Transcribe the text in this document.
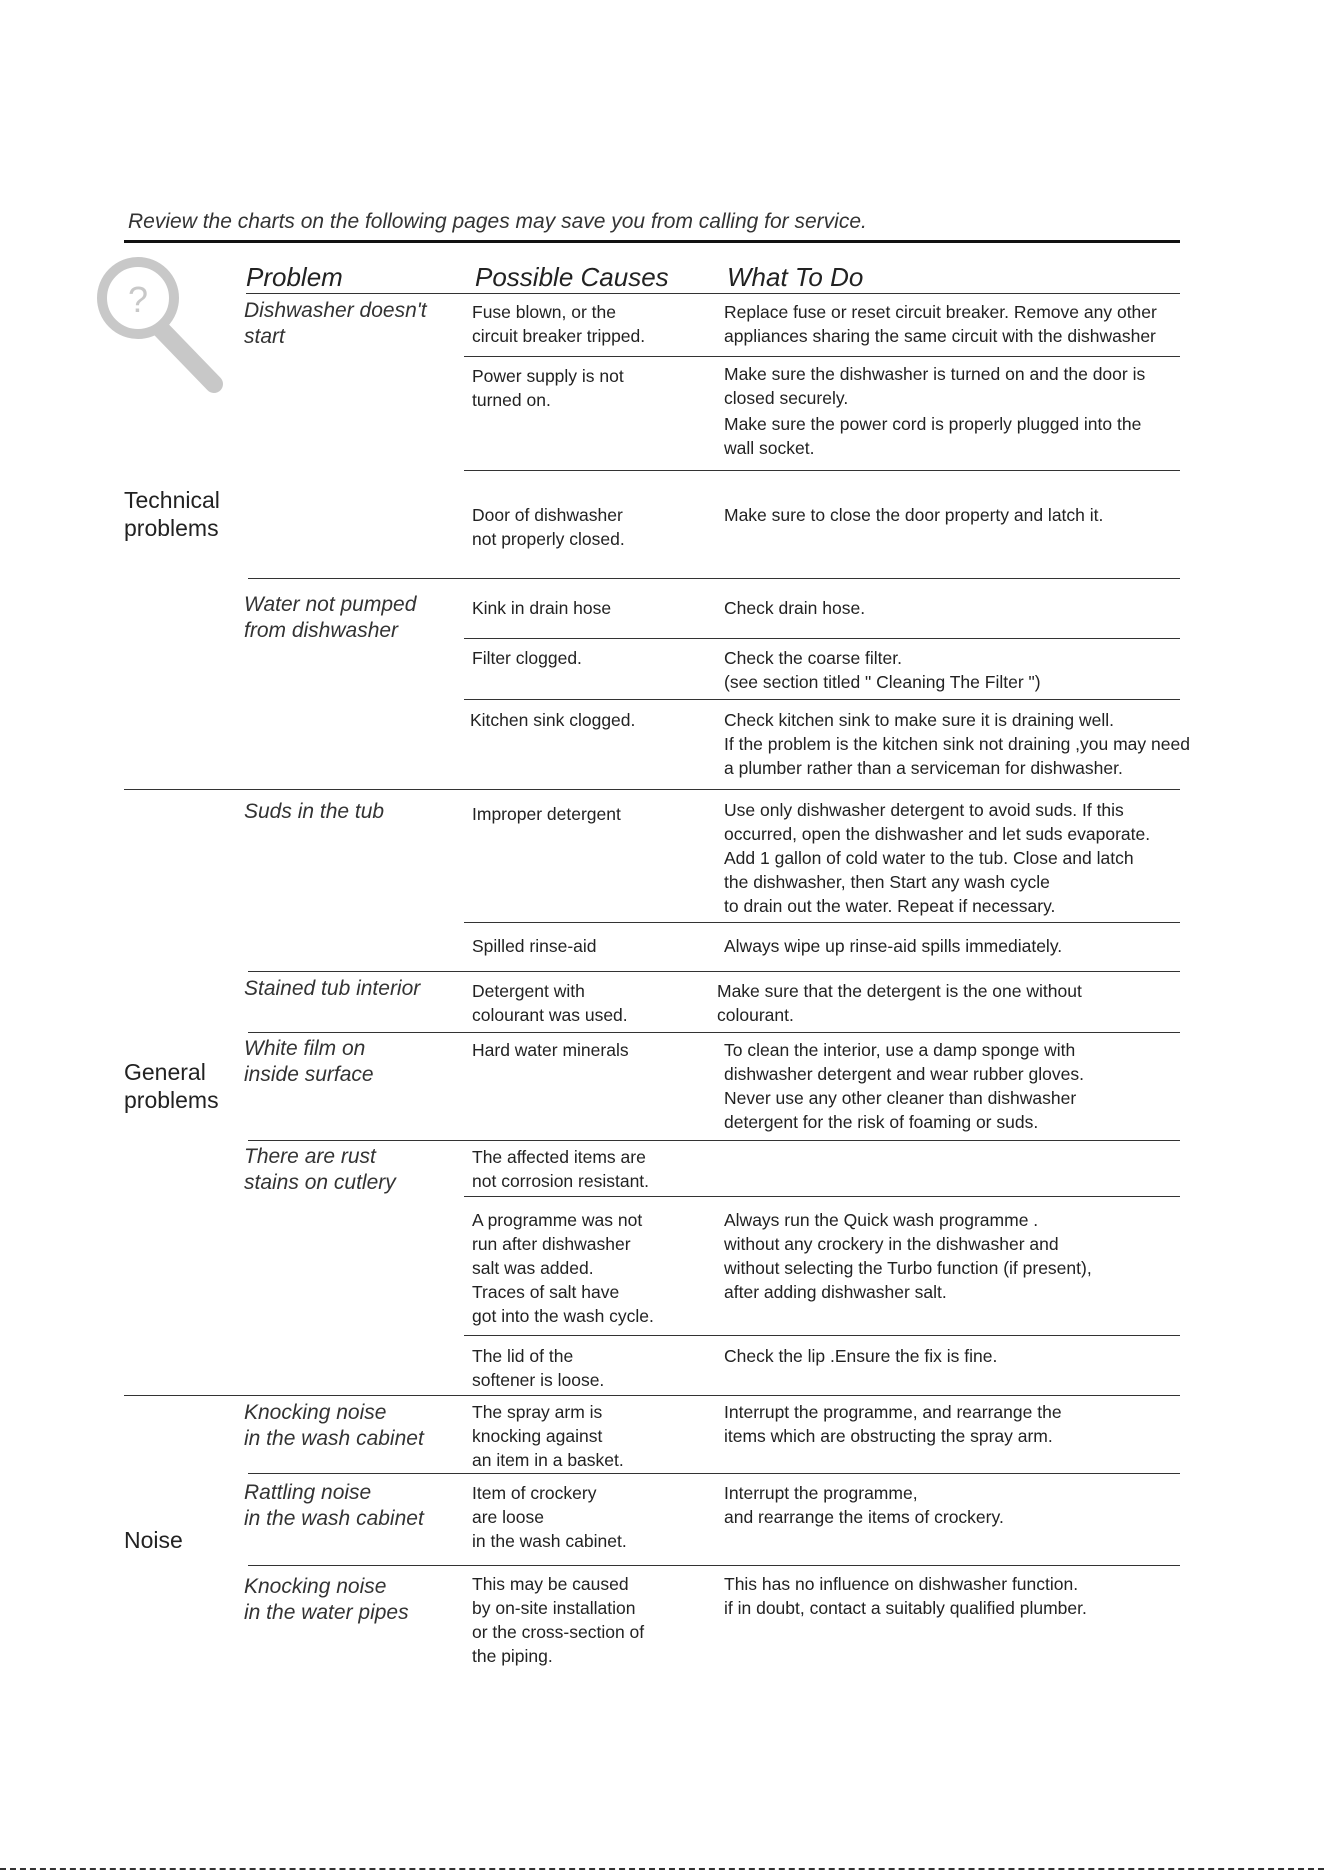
Review the charts on the following pages may save you from calling for service.
?
Problem	Possible Causes What To Do
Technical
problems
General
problems
Noise
Dishwasher doesn't
start
Water not pumped
from dishwasher
Suds in the tub
Stained tub interior
White film on
inside surface
There are rust
stains on cutlery
Knocking noise
in the wash cabinet
Rattling noise
in the wash cabinet
Knocking noise
in the water pipes
Fuse blown, or the
circuit breaker tripped.
Power supply is not
turned on.
Door of dishwasher
not properly closed.
Kink in drain hose
Filter clogged.
Kitchen sink clogged.
Improper detergent
Spilled rinse-aid
Detergent with
colourant was used.
Hard water minerals
The affected items are
not corrosion resistant.
A programme was not
run after dishwasher
salt was added.
Traces of salt have
got into the wash cycle.
The lid of the
softener is loose.
The spray arm is
knocking against
an item in a basket.
Item of crockery
are loose
in the wash cabinet.
This may be caused
by on-site installation
or the cross-section of
the piping.
Replace fuse or reset circuit breaker. Remove any other
appliances sharing the same circuit with the dishwasher
Make sure the dishwasher is turned on and the door is
closed securely.
Make sure the power cord is properly plugged into the
wall socket.
Make sure to close the door property and latch it.
Check drain hose.
Check the coarse filter.
(see section titled " Cleaning The Filter ")
Check kitchen sink to make sure it is draining well.
If the problem is the kitchen sink not draining ,you may need
a plumber rather than a serviceman for dishwasher.
Use only dishwasher detergent to avoid suds. If this
occurred, open the dishwasher and let suds evaporate.
Add 1 gallon of cold water to the tub. Close and latch
the dishwasher, then Start any wash cycle
to drain out the water. Repeat if necessary.
Always wipe up rinse-aid spills immediately.
Make sure that the detergent is the one without
colourant.
To clean the interior, use a damp sponge with
dishwasher detergent and wear rubber gloves.
Never use any other cleaner than dishwasher
detergent for the risk of foaming or suds.
Always run the Quick wash programme .
without any crockery in the dishwasher and
without selecting the Turbo function (if present),
after adding dishwasher salt.
Check the lip .Ensure the fix is fine.
Interrupt the programme, and rearrange the
items which are obstructing the spray arm.
Interrupt the programme,
and rearrange the items of crockery.
This has no influence on dishwasher function.
if in doubt, contact a suitably qualified plumber.
